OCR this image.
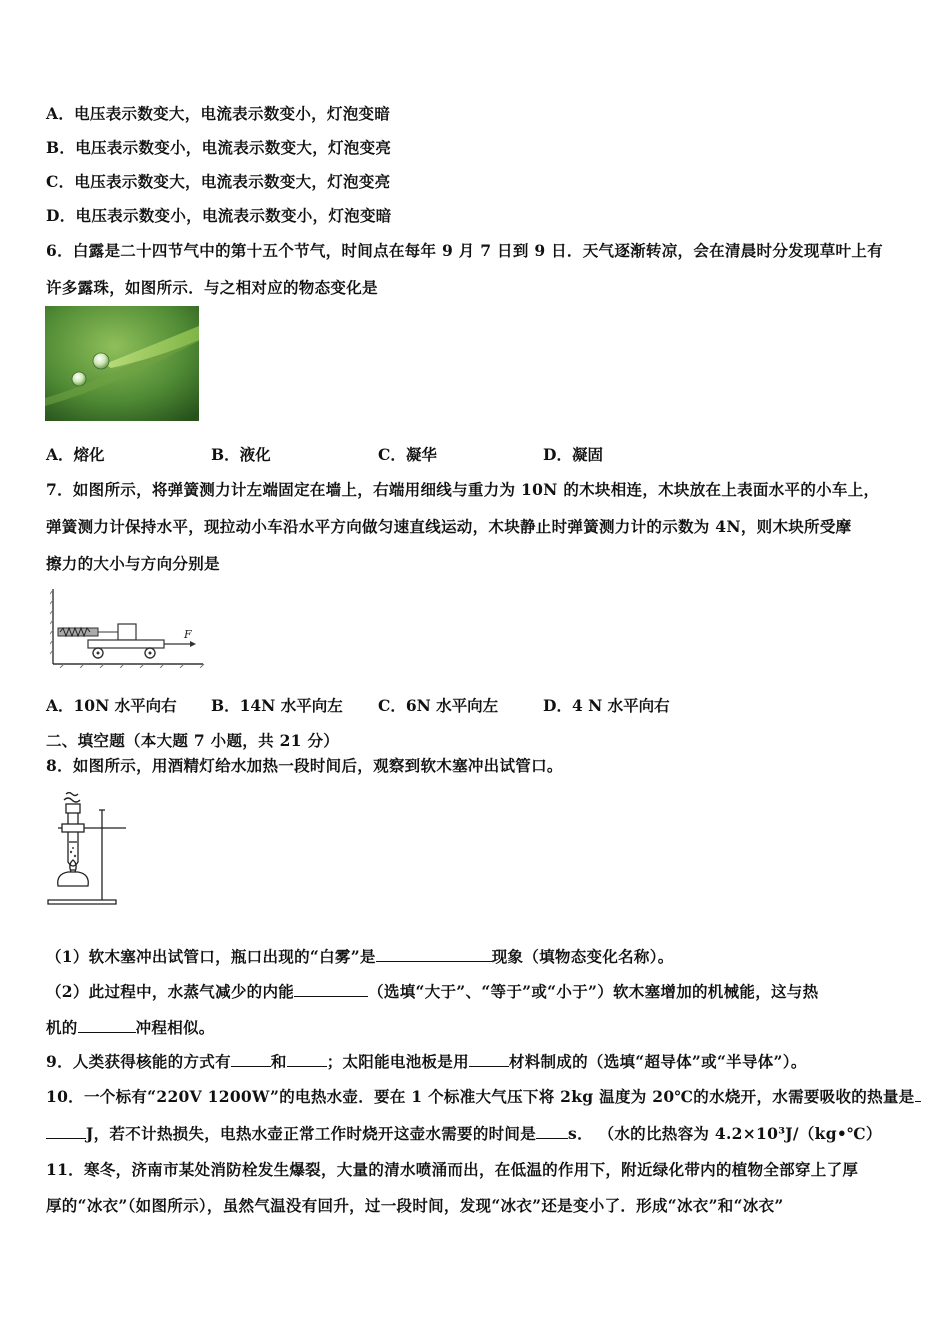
A．电压表示数变大，电流表示数变小，灯泡变暗
B．电压表示数变小，电流表示数变大，灯泡变亮
C．电压表示数变大，电流表示数变大，灯泡变亮
D．电压表示数变小，电流表示数变小，灯泡变暗
6．白露是二十四节气中的第十五个节气，时间点在每年 9 月 7 日到 9 日．天气逐渐转凉，会在清晨时分发现草叶上有
许多露珠，如图所示．与之相对应的物态变化是
A．熔化	B．液化	C．凝华	D．凝固
7．如图所示，将弹簧测力计左端固定在墙上，右端用细线与重力为 10N 的木块相连，木块放在上表面水平的小车上，
弹簧测力计保持水平，现拉动小车沿水平方向做匀速直线运动，木块静止时弹簧测力计的示数为 4N，则木块所受摩
擦力的大小与方向分别是
F
A．10N 水平向右 B．14N 水平向左 C．6N 水平向左	D．4 N 水平向右
二、填空题（本大题 7 小题，共 21 分）
8．如图所示，用酒精灯给水加热一段时间后，观察到软木塞冲出试管口。
（1）软木塞冲出试管口，瓶口出现的“白雾”是	现象（填物态变化名称）。
（2）此过程中，水蒸气减少的内能	（选填“大于”、“等于”或“小于”）软木塞增加的机械能，这与热
机的	冲程相似。
9．人类获得核能的方式有	和	；太阳能电池板是用	材料制成的（选填“超导体”或“半导体”）。
10．一个标有“220V 1200W”的电热水壶．要在 1 个标准大气压下将 2kg 温度为 20℃的水烧开，水需要吸收的热量是
J，若不计热损失，电热水壶正常工作时烧开这壶水需要的时间是 s． （水的比热容为 4.2×10³J/（kg•℃）
11．寒冬，济南市某处消防栓发生爆裂，大量的清水喷涌而出，在低温的作用下，附近绿化带内的植物全部穿上了厚
厚的“冰衣”（如图所示），虽然气温没有回升，过一段时间，发现“冰衣”还是变小了．形成“冰衣”和“冰衣”
